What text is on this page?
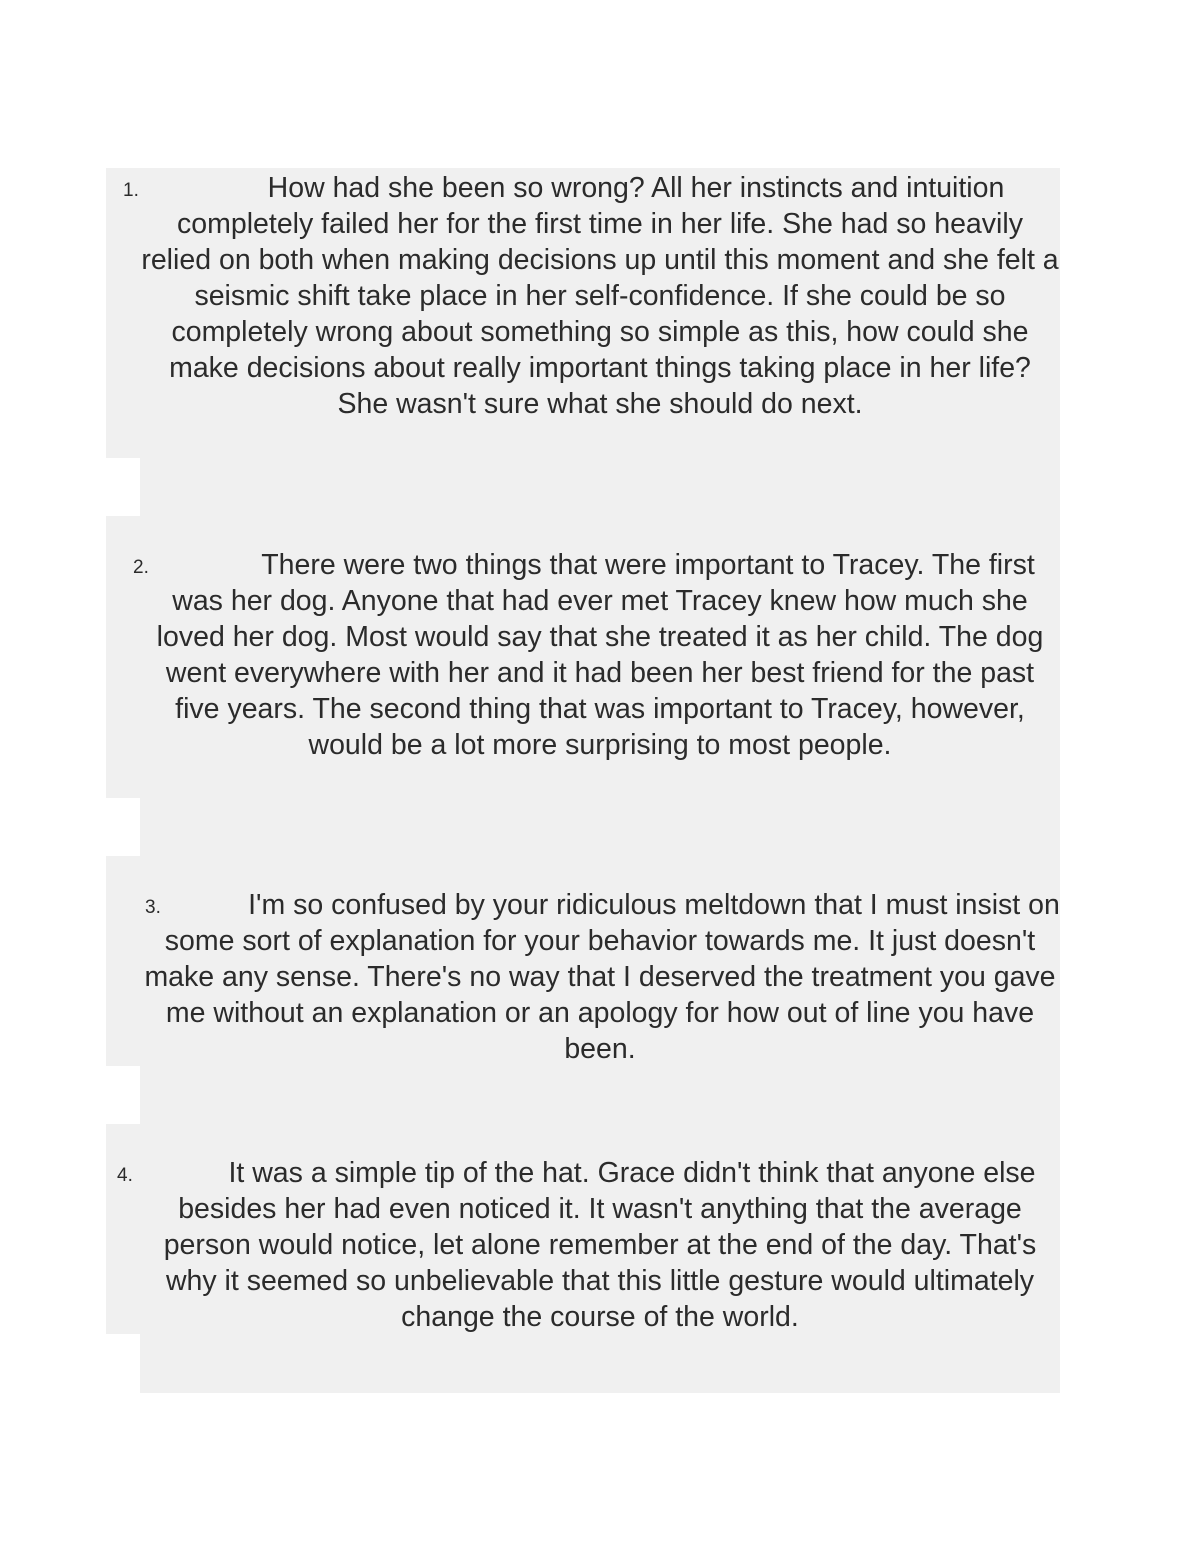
1.	How had she been so wrong? All her instincts and intuition completely failed her for the first time in her life. She had so heavily relied on both when making decisions up until this moment and she felt a seismic shift take place in her self-confidence. If she could be so completely wrong about something so simple as this, how could she make decisions about really important things taking place in her life? She wasn't sure what she should do next.

2.	There were two things that were important to Tracey. The first was her dog. Anyone that had ever met Tracey knew how much she loved her dog. Most would say that she treated it as her child. The dog went everywhere with her and it had been her best friend for the past five years. The second thing that was important to Tracey, however, would be a lot more surprising to most people.

3.	I'm so confused by your ridiculous meltdown that I must insist on some sort of explanation for your behavior towards me. It just doesn't make any sense. There's no way that I deserved the treatment you gave me without an explanation or an apology for how out of line you have been.

4.	It was a simple tip of the hat. Grace didn't think that anyone else besides her had even noticed it. It wasn't anything that the average person would notice, let alone remember at the end of the day. That's why it seemed so unbelievable that this little gesture would ultimately change the course of the world.
